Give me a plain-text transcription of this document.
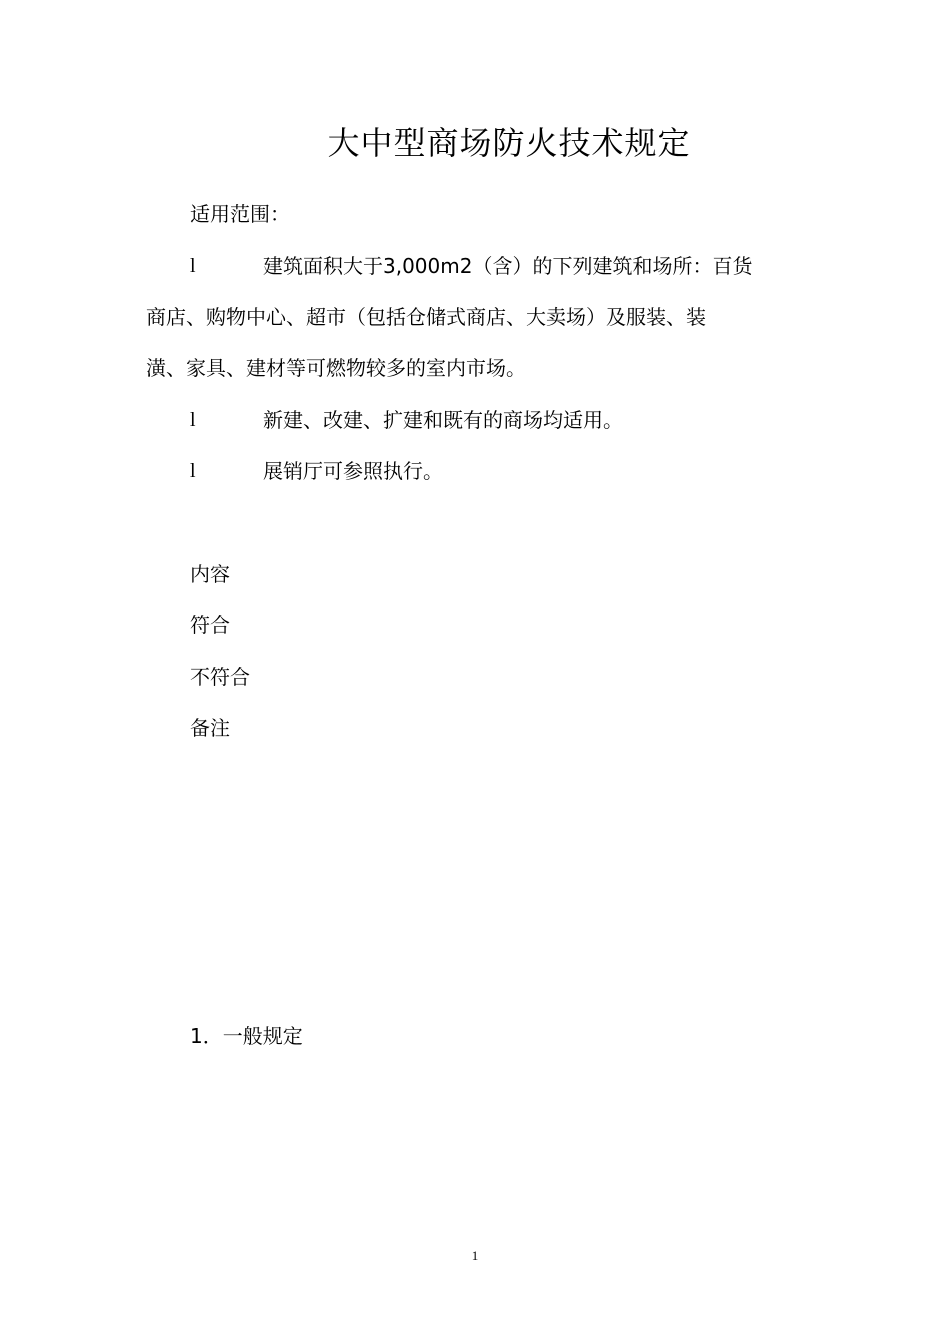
大中型商场防火技术规定
适用范围：
l	建筑面积大于3,000m2（含）的下列建筑和场所：百货
商店、购物中心、超市（包括仓储式商店、大卖场）及服装、装
潢、家具、建材等可燃物较多的室内市场。
l	新建、改建、扩建和既有的商场均适用。
l	展销厅可参照执行。
内容
符合
不符合
备注
1．一般规定
1
